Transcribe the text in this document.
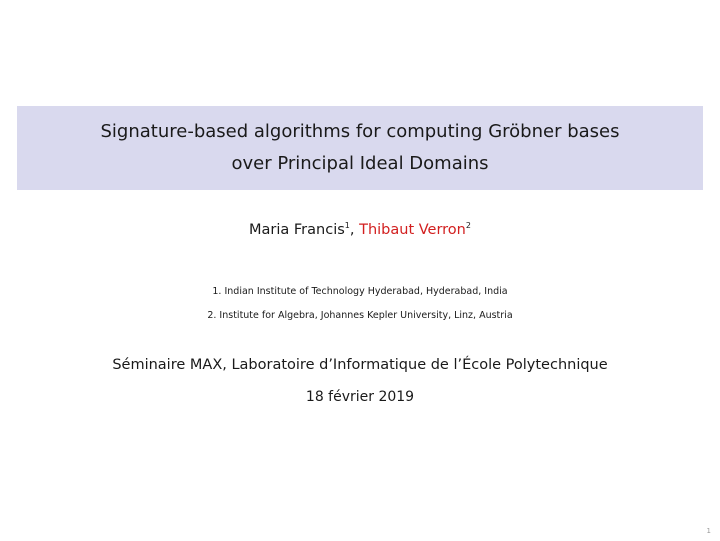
Signature-based algorithms for computing Gröbner bases
over Principal Ideal Domains
Maria Francis$^1$, Thibaut Verron$^2$
1. Indian Institute of Technology Hyderabad, Hyderabad, India
2. Institute for Algebra, Johannes Kepler University, Linz, Austria
Séminaire MAX, Laboratoire d’Informatique de l’École Polytechnique
18 février 2019
1
